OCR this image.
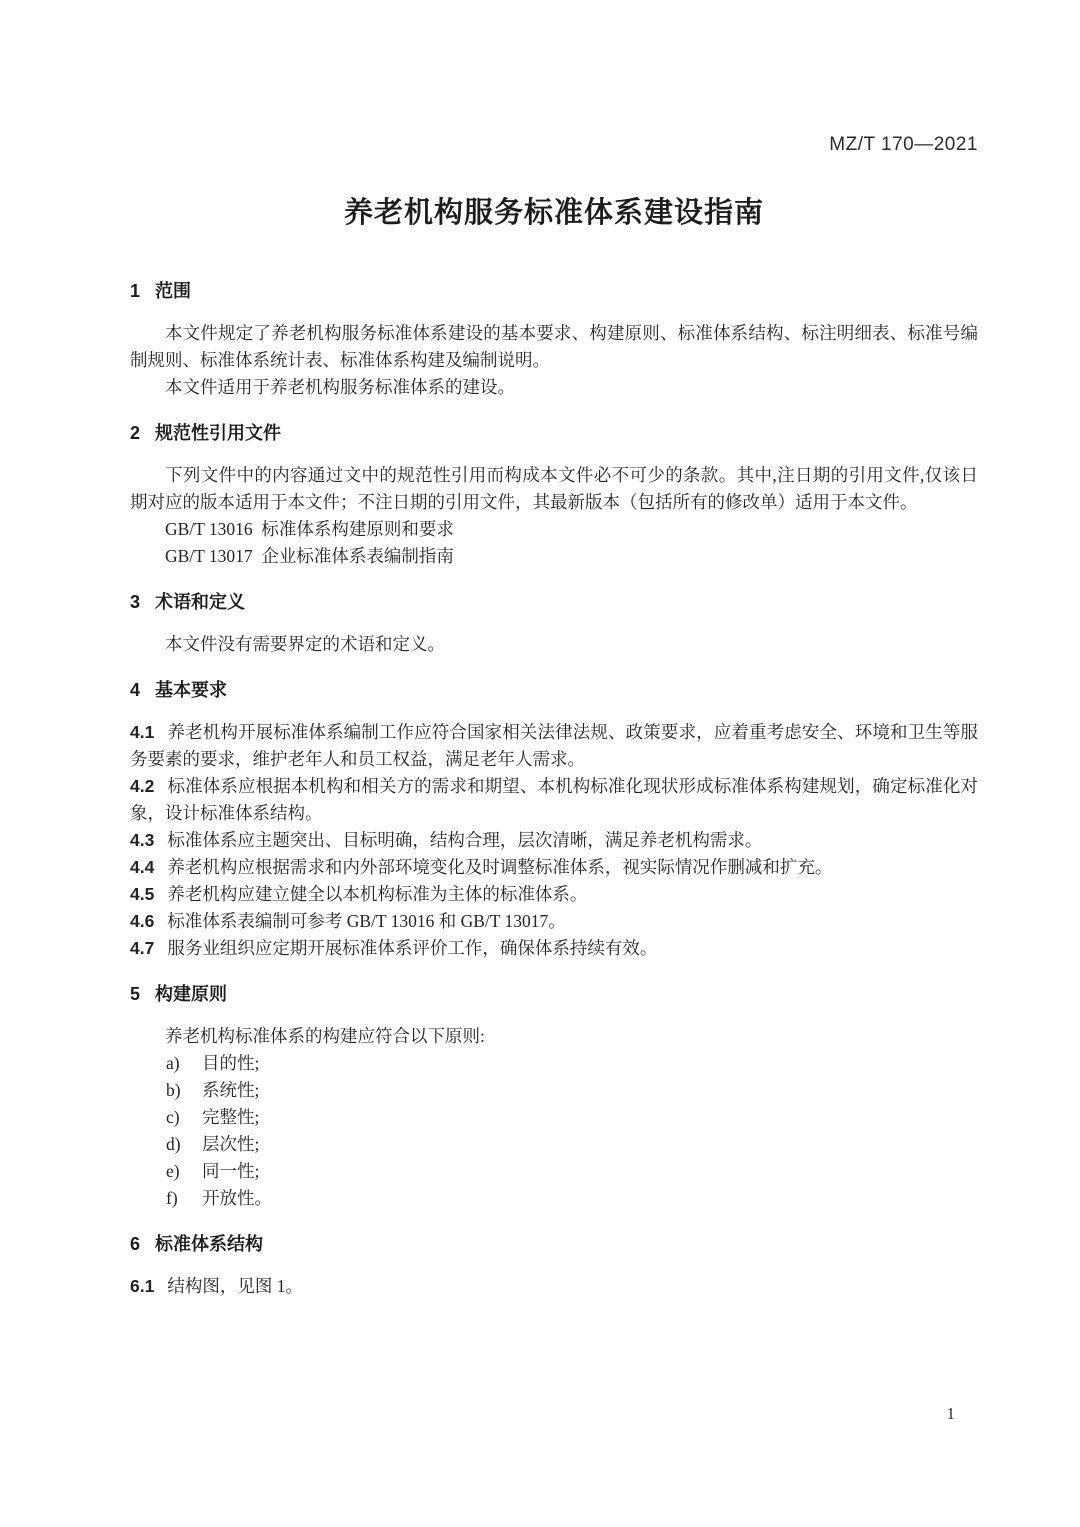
MZ/T 170—2021
养老机构服务标准体系建设指南
1 范围

本文件规定了养老机构服务标准体系建设的基本要求、构建原则、标准体系结构、标注明细表、标准号编制规则、标准体系统计表、标准体系构建及编制说明。

本文件适用于养老机构服务标准体系的建设。

2 规范性引用文件

下列文件中的内容通过文中的规范性引用而构成本文件必不可少的条款。其中,注日期的引用文件,仅该日期对应的版本适用于本文件；不注日期的引用文件，其最新版本（包括所有的修改单）适用于本文件。

GB/T 13016  标准体系构建原则和要求

GB/T 13017  企业标准体系表编制指南

3 术语和定义

本文件没有需要界定的术语和定义。

4 基本要求

4.1 养老机构开展标准体系编制工作应符合国家相关法律法规、政策要求，应着重考虑安全、环境和卫生等服务要素的要求，维护老年人和员工权益，满足老年人需求。

4.2 标准体系应根据本机构和相关方的需求和期望、本机构标准化现状形成标准体系构建规划，确定标准化对象，设计标准体系结构。

4.3 标准体系应主题突出、目标明确，结构合理，层次清晰，满足养老机构需求。

4.4 养老机构应根据需求和内外部环境变化及时调整标准体系，视实际情况作删减和扩充。

4.5 养老机构应建立健全以本机构标准为主体的标准体系。

4.6 标准体系表编制可参考 GB/T 13016 和 GB/T 13017。

4.7 服务业组织应定期开展标准体系评价工作，确保体系持续有效。

5 构建原则

养老机构标准体系的构建应符合以下原则:

a) 目的性;

b) 系统性;

c) 完整性;

d) 层次性;

e) 同一性;

f) 开放性。

6 标准体系结构

6.1 结构图，见图 1。

1
